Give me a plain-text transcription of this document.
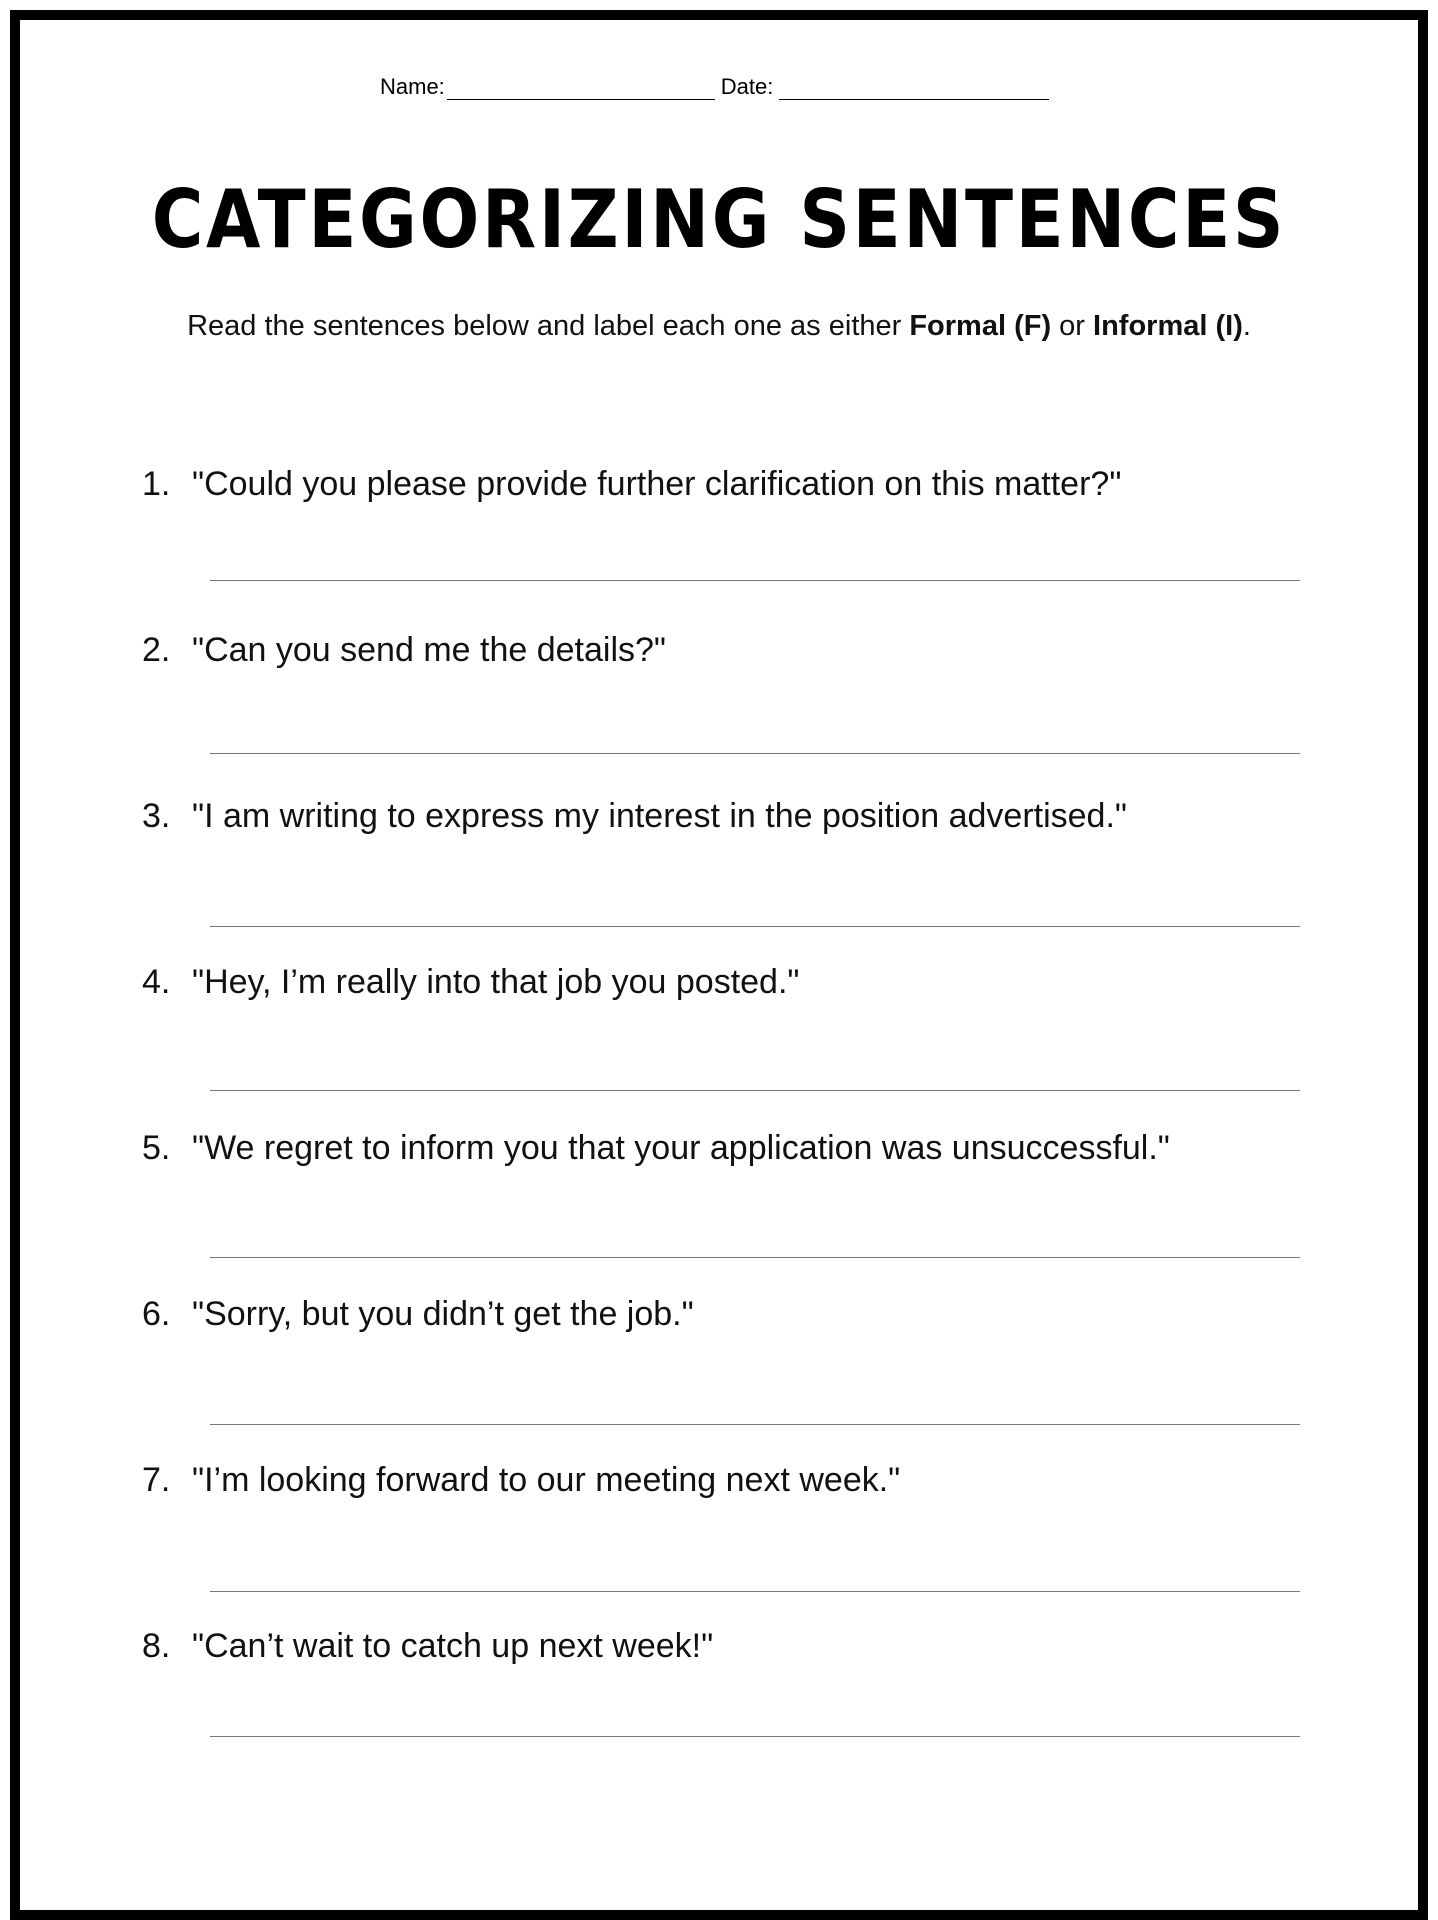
Name:	Date:
CATEGORIZING SENTENCES
Read the sentences below and label each one as either Formal (F) or Informal (I).
1. "Could you please provide further clarification on this matter?"
2. "Can you send me the details?"
3. "I am writing to express my interest in the position advertised."
4. "Hey, I’m really into that job you posted."
5. "We regret to inform you that your application was unsuccessful."
6. "Sorry, but you didn’t get the job."
7. "I’m looking forward to our meeting next week."
8. "Can’t wait to catch up next week!"
